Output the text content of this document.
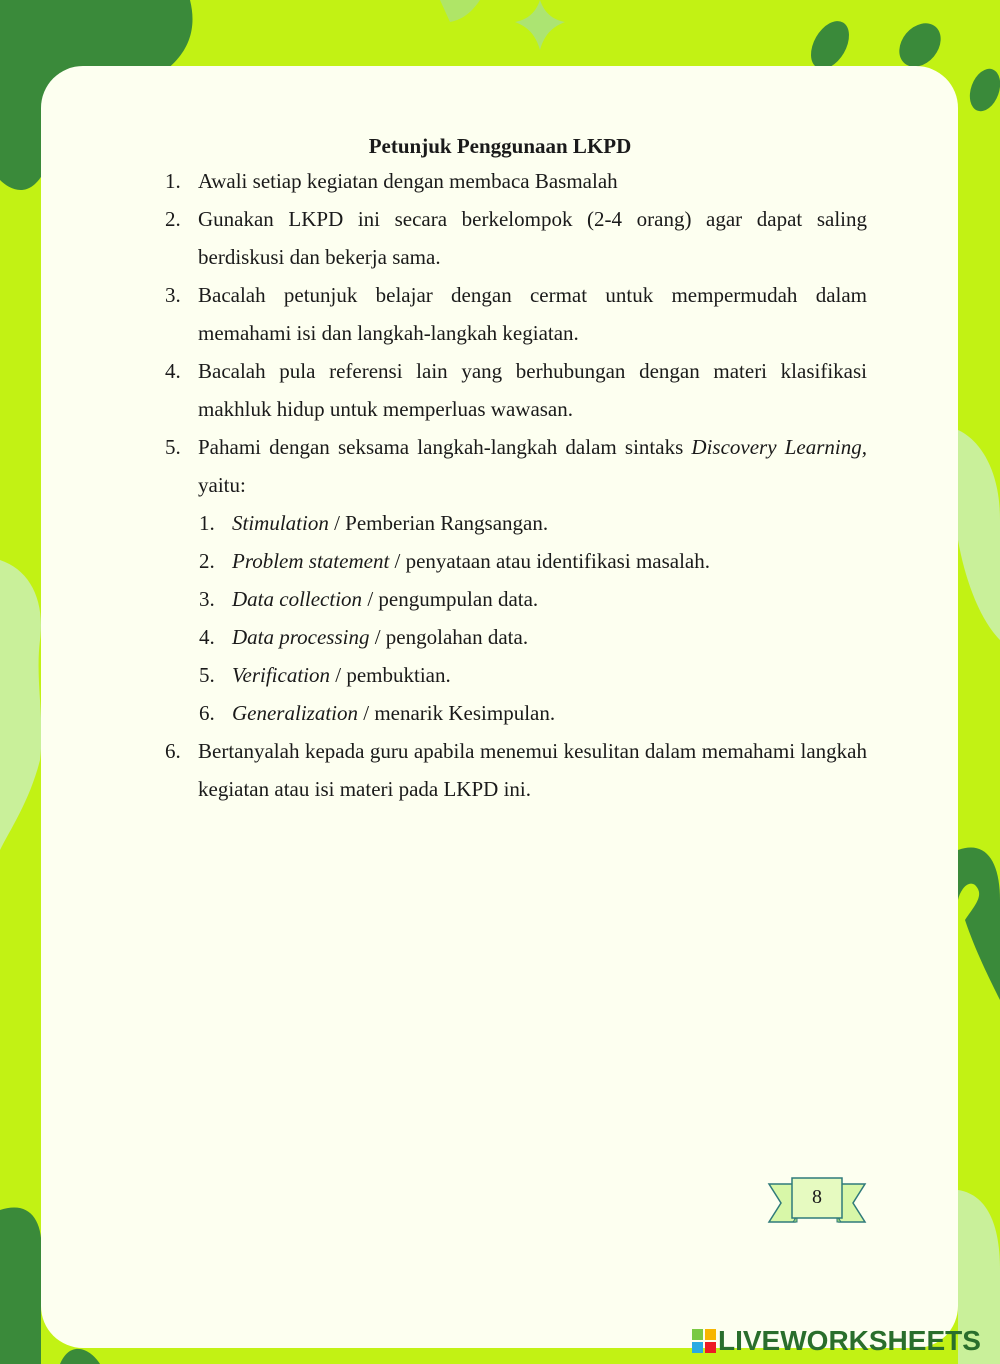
Petunjuk Penggunaan LKPD
1. Awali setiap kegiatan dengan membaca Basmalah
2. Gunakan LKPD ini secara berkelompok (2-4 orang) agar dapat saling berdiskusi dan bekerja sama.
3. Bacalah petunjuk belajar dengan cermat untuk mempermudah dalam memahami isi dan langkah-langkah kegiatan.
4. Bacalah pula referensi lain yang berhubungan dengan materi klasifikasi makhluk hidup untuk memperluas wawasan.
5. Pahami dengan seksama langkah-langkah dalam sintaks Discovery Learning, yaitu:
1. Stimulation / Pemberian Rangsangan.
2. Problem statement / penyataan atau identifikasi masalah.
3. Data collection / pengumpulan data.
4. Data processing / pengolahan data.
5. Verification / pembuktian.
6. Generalization / menarik Kesimpulan.
6. Bertanyalah kepada guru apabila menemui kesulitan dalam memahami langkah kegiatan atau isi materi pada LKPD ini.
8
LIVEWORKSHEETS
